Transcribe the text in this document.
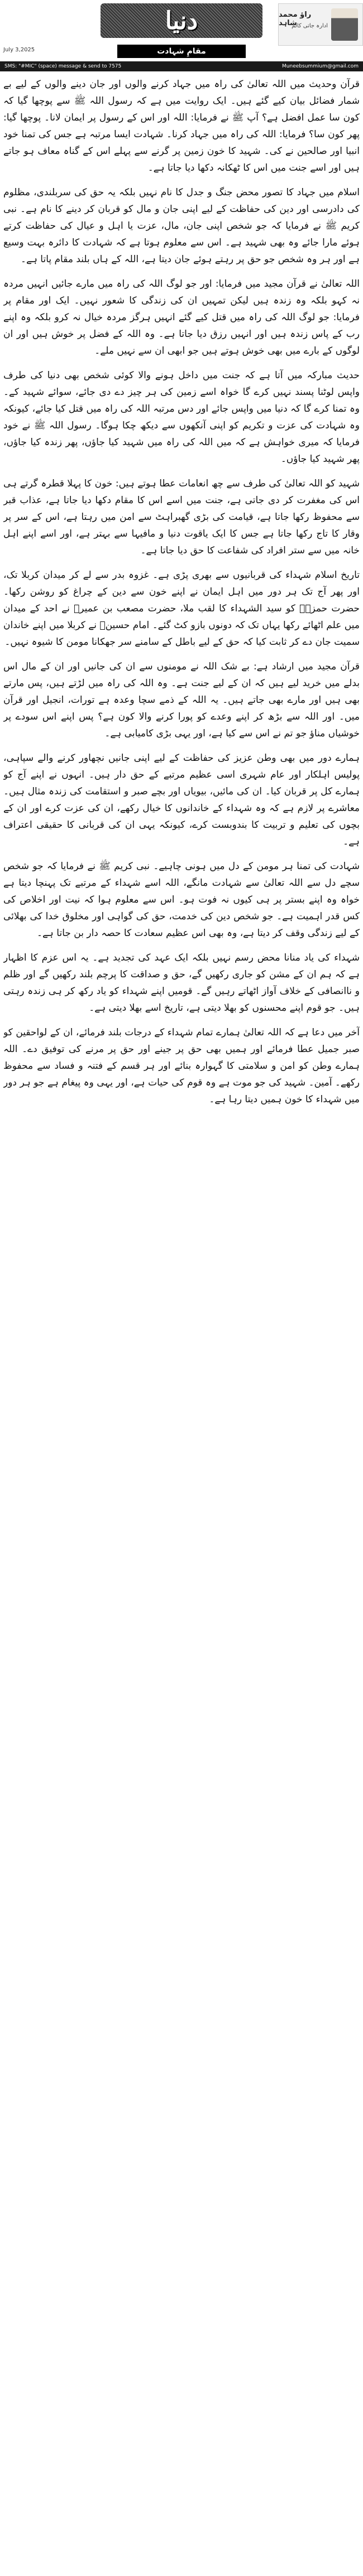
دنیا	راؤ محمد شاہد
ادارہ جاتی کالم
مقامِ شہادت
July 3,2025
SMS: "#MIC" (space) message & send to 7575	Muneebsummium@gmail.com

قرآن وحدیث میں اللہ تعالیٰ کی راہ میں جہاد کرنے والوں اور جان دینے والوں کے لیے بے شمار فضائل بیان کیے گئے ہیں۔ ایک روایت میں ہے کہ رسول اللہ ﷺ سے پوچھا گیا کہ کون سا عمل افضل ہے؟ آپ ﷺ نے فرمایا: اللہ اور اس کے رسول پر ایمان لانا۔ پوچھا گیا: پھر کون سا؟ فرمایا: اللہ کی راہ میں جہاد کرنا۔ شہادت ایسا مرتبہ ہے جس کی تمنا خود انبیا اور صالحین نے کی۔ شہید کا خون زمین پر گرنے سے پہلے اس کے گناہ معاف ہو جاتے ہیں اور اسے جنت میں اس کا ٹھکانہ دکھا دیا جاتا ہے۔

اسلام میں جہاد کا تصور محض جنگ و جدل کا نام نہیں بلکہ یہ حق کی سربلندی، مظلوم کی دادرسی اور دین کی حفاظت کے لیے اپنی جان و مال کو قربان کر دینے کا نام ہے۔ نبی کریم ﷺ نے فرمایا کہ جو شخص اپنی جان، مال، عزت یا اہل و عیال کی حفاظت کرتے ہوئے مارا جائے وہ بھی شہید ہے۔ اس سے معلوم ہوتا ہے کہ شہادت کا دائرہ بہت وسیع ہے اور ہر وہ شخص جو حق پر رہتے ہوئے جان دیتا ہے، اللہ کے ہاں بلند مقام پاتا ہے۔

اللہ تعالیٰ نے قرآن مجید میں فرمایا: اور جو لوگ اللہ کی راہ میں مارے جائیں انہیں مردہ نہ کہو بلکہ وہ زندہ ہیں لیکن تمہیں ان کی زندگی کا شعور نہیں۔ ایک اور مقام پر فرمایا: جو لوگ اللہ کی راہ میں قتل کیے گئے انہیں ہرگز مردہ خیال نہ کرو بلکہ وہ اپنے رب کے پاس زندہ ہیں اور انہیں رزق دیا جاتا ہے۔ وہ اللہ کے فضل پر خوش ہیں اور ان لوگوں کے بارے میں بھی خوش ہوتے ہیں جو ابھی ان سے نہیں ملے۔

حدیث مبارکہ میں آتا ہے کہ جنت میں داخل ہونے والا کوئی شخص بھی دنیا کی طرف واپس لوٹنا پسند نہیں کرے گا خواہ اسے زمین کی ہر چیز دے دی جائے، سوائے شہید کے۔ وہ تمنا کرے گا کہ دنیا میں واپس جائے اور دس مرتبہ اللہ کی راہ میں قتل کیا جائے، کیونکہ وہ شہادت کی عزت و تکریم کو اپنی آنکھوں سے دیکھ چکا ہوگا۔ رسول اللہ ﷺ نے خود فرمایا کہ میری خواہش ہے کہ میں اللہ کی راہ میں شہید کیا جاؤں، پھر زندہ کیا جاؤں، پھر شہید کیا جاؤں۔

شہید کو اللہ تعالیٰ کی طرف سے چھ انعامات عطا ہوتے ہیں: خون کا پہلا قطرہ گرتے ہی اس کی مغفرت کر دی جاتی ہے، جنت میں اسے اس کا مقام دکھا دیا جاتا ہے، عذاب قبر سے محفوظ رکھا جاتا ہے، قیامت کی بڑی گھبراہٹ سے امن میں رہتا ہے، اس کے سر پر وقار کا تاج رکھا جاتا ہے جس کا ایک یاقوت دنیا و مافیہا سے بہتر ہے، اور اسے اپنے اہل خانہ میں سے ستر افراد کی شفاعت کا حق دیا جاتا ہے۔

تاریخ اسلام شہداء کی قربانیوں سے بھری پڑی ہے۔ غزوہ بدر سے لے کر میدان کربلا تک، اور پھر آج تک ہر دور میں اہل ایمان نے اپنے خون سے دین کے چراغ کو روشن رکھا۔ حضرت حمزہؓ کو سید الشہداء کا لقب ملا، حضرت مصعب بن عمیرؓ نے احد کے میدان میں علم اٹھائے رکھا یہاں تک کہ دونوں بازو کٹ گئے۔ امام حسینؓ نے کربلا میں اپنے خاندان سمیت جان دے کر ثابت کیا کہ حق کے لیے باطل کے سامنے سر جھکانا مومن کا شیوہ نہیں۔

قرآن مجید میں ارشاد ہے: بے شک اللہ نے مومنوں سے ان کی جانیں اور ان کے مال اس بدلے میں خرید لیے ہیں کہ ان کے لیے جنت ہے۔ وہ اللہ کی راہ میں لڑتے ہیں، پس مارتے بھی ہیں اور مارے بھی جاتے ہیں۔ یہ اللہ کے ذمے سچا وعدہ ہے تورات، انجیل اور قرآن میں۔ اور اللہ سے بڑھ کر اپنے وعدے کو پورا کرنے والا کون ہے؟ پس اپنے اس سودے پر خوشیاں مناؤ جو تم نے اس سے کیا ہے، اور یہی بڑی کامیابی ہے۔

ہمارے دور میں بھی وطن عزیز کی حفاظت کے لیے اپنی جانیں نچھاور کرنے والے سپاہی، پولیس اہلکار اور عام شہری اسی عظیم مرتبے کے حق دار ہیں۔ انہوں نے اپنے آج کو ہمارے کل پر قربان کیا۔ ان کی مائیں، بیویاں اور بچے صبر و استقامت کی زندہ مثال ہیں۔ معاشرے پر لازم ہے کہ وہ شہداء کے خاندانوں کا خیال رکھے، ان کی عزت کرے اور ان کے بچوں کی تعلیم و تربیت کا بندوبست کرے، کیونکہ یہی ان کی قربانی کا حقیقی اعتراف ہے۔

شہادت کی تمنا ہر مومن کے دل میں ہونی چاہیے۔ نبی کریم ﷺ نے فرمایا کہ جو شخص سچے دل سے اللہ تعالیٰ سے شہادت مانگے، اللہ اسے شہداء کے مرتبے تک پہنچا دیتا ہے خواہ وہ اپنے بستر پر ہی کیوں نہ فوت ہو۔ اس سے معلوم ہوا کہ نیت اور اخلاص کی کس قدر اہمیت ہے۔ جو شخص دین کی خدمت، حق کی گواہی اور مخلوق خدا کی بھلائی کے لیے زندگی وقف کر دیتا ہے، وہ بھی اس عظیم سعادت کا حصہ دار بن جاتا ہے۔

شہداء کی یاد منانا محض رسم نہیں بلکہ ایک عہد کی تجدید ہے۔ یہ اس عزم کا اظہار ہے کہ ہم ان کے مشن کو جاری رکھیں گے، حق و صداقت کا پرچم بلند رکھیں گے اور ظلم و ناانصافی کے خلاف آواز اٹھاتے رہیں گے۔ قومیں اپنے شہداء کو یاد رکھ کر ہی زندہ رہتی ہیں۔ جو قوم اپنے محسنوں کو بھلا دیتی ہے، تاریخ اسے بھلا دیتی ہے۔

آخر میں دعا ہے کہ اللہ تعالیٰ ہمارے تمام شہداء کے درجات بلند فرمائے، ان کے لواحقین کو صبر جمیل عطا فرمائے اور ہمیں بھی حق پر جینے اور حق پر مرنے کی توفیق دے۔ اللہ ہمارے وطن کو امن و سلامتی کا گہوارہ بنائے اور ہر قسم کے فتنہ و فساد سے محفوظ رکھے۔ آمین۔ شہید کی جو موت ہے وہ قوم کی حیات ہے، اور یہی وہ پیغام ہے جو ہر دور میں شہداء کا خون ہمیں دیتا رہا ہے۔
